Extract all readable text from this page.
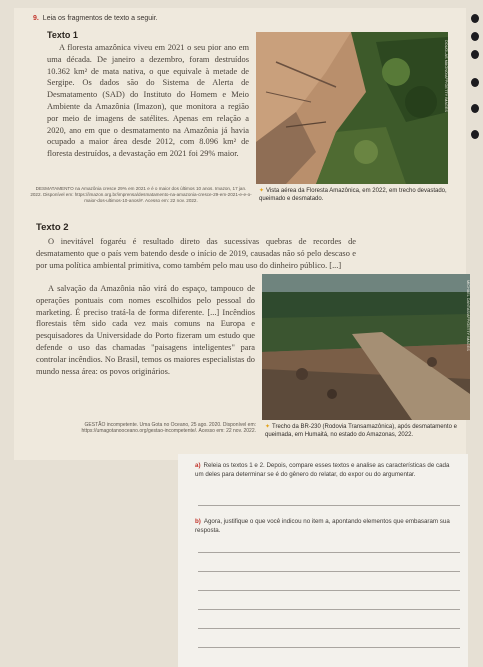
9. Leia os fragmentos de texto a seguir.
Texto 1

A floresta amazônica viveu em 2021 o seu pior ano em uma década. De janeiro a dezembro, foram destruídos 10.362 km² de mata nativa, o que equivale à metade de Sergipe. Os dados são do Sistema de Alerta de Desmatamento (SAD) do Instituto do Homem e Meio Ambiente da Amazônia (Imazon), que monitora a região por meio de imagens de satélites. Apenas em relação a 2020, ano em que o desmatamento na Amazônia já havia ocupado a maior área desde 2012, com 8.096 km² de floresta destruídos, a devastação em 2021 foi 29% maior.

DESMATAMENTO na Amazônia cresce 29% em 2021 e é o maior dos últimos 10 anos. Imazon, 17 jan. 2022. Disponível em: https://imazon.org.br/imprensa/desmatamento-na-amazonia-cresce-29-em-2021-e-e-o-maior-dos-ultimos-10-anos/#. Acesso em: 22 nov. 2022.
DOUGLAS MAGNO/AFP/GETTY IMAGES
✦ Vista aérea da Floresta Amazônica, em 2022, em trecho devastado, queimado e desmatado.
Texto 2

O inevitável fogaréu é resultado direto das sucessivas quebras de recordes de desmatamento que o país vem batendo desde o início de 2019, causadas não só pelo descaso e por uma política ambiental primitiva, como também pelo mau uso do dinheiro público. [...]

A salvação da Amazônia não virá do espaço, tampouco de operações pontuais com nomes escolhidos pelo pessoal do marketing. É preciso tratá-la de forma diferente. [...] Incêndios florestais têm sido cada vez mais comuns na Europa e pesquisadores da Universidade do Porto fizeram um estudo que defende o uso das chamadas "paisagens inteligentes" para controlar incêndios. No Brasil, temos os maiores especialistas do mundo nessa área: os povos originários.

GESTÃO incompetente. Uma Gota no Oceano, 25 ago. 2020. Disponível em: https://umagotanooceano.org/gestao-incompetente/. Acesso em: 22 nov. 2022.
MICHAEL DANTAS/AFP/GETTY IMAGES
✦ Trecho da BR-230 (Rodovia Transamazônica), após desmatamento e queimada, em Humaitá, no estado do Amazonas, 2022.
a) Releia os textos 1 e 2. Depois, compare esses textos e analise as características de cada um deles para determinar se é do gênero do relatar, do expor ou do argumentar.
b) Agora, justifique o que você indicou no item a, apontando elementos que embasaram sua resposta.
